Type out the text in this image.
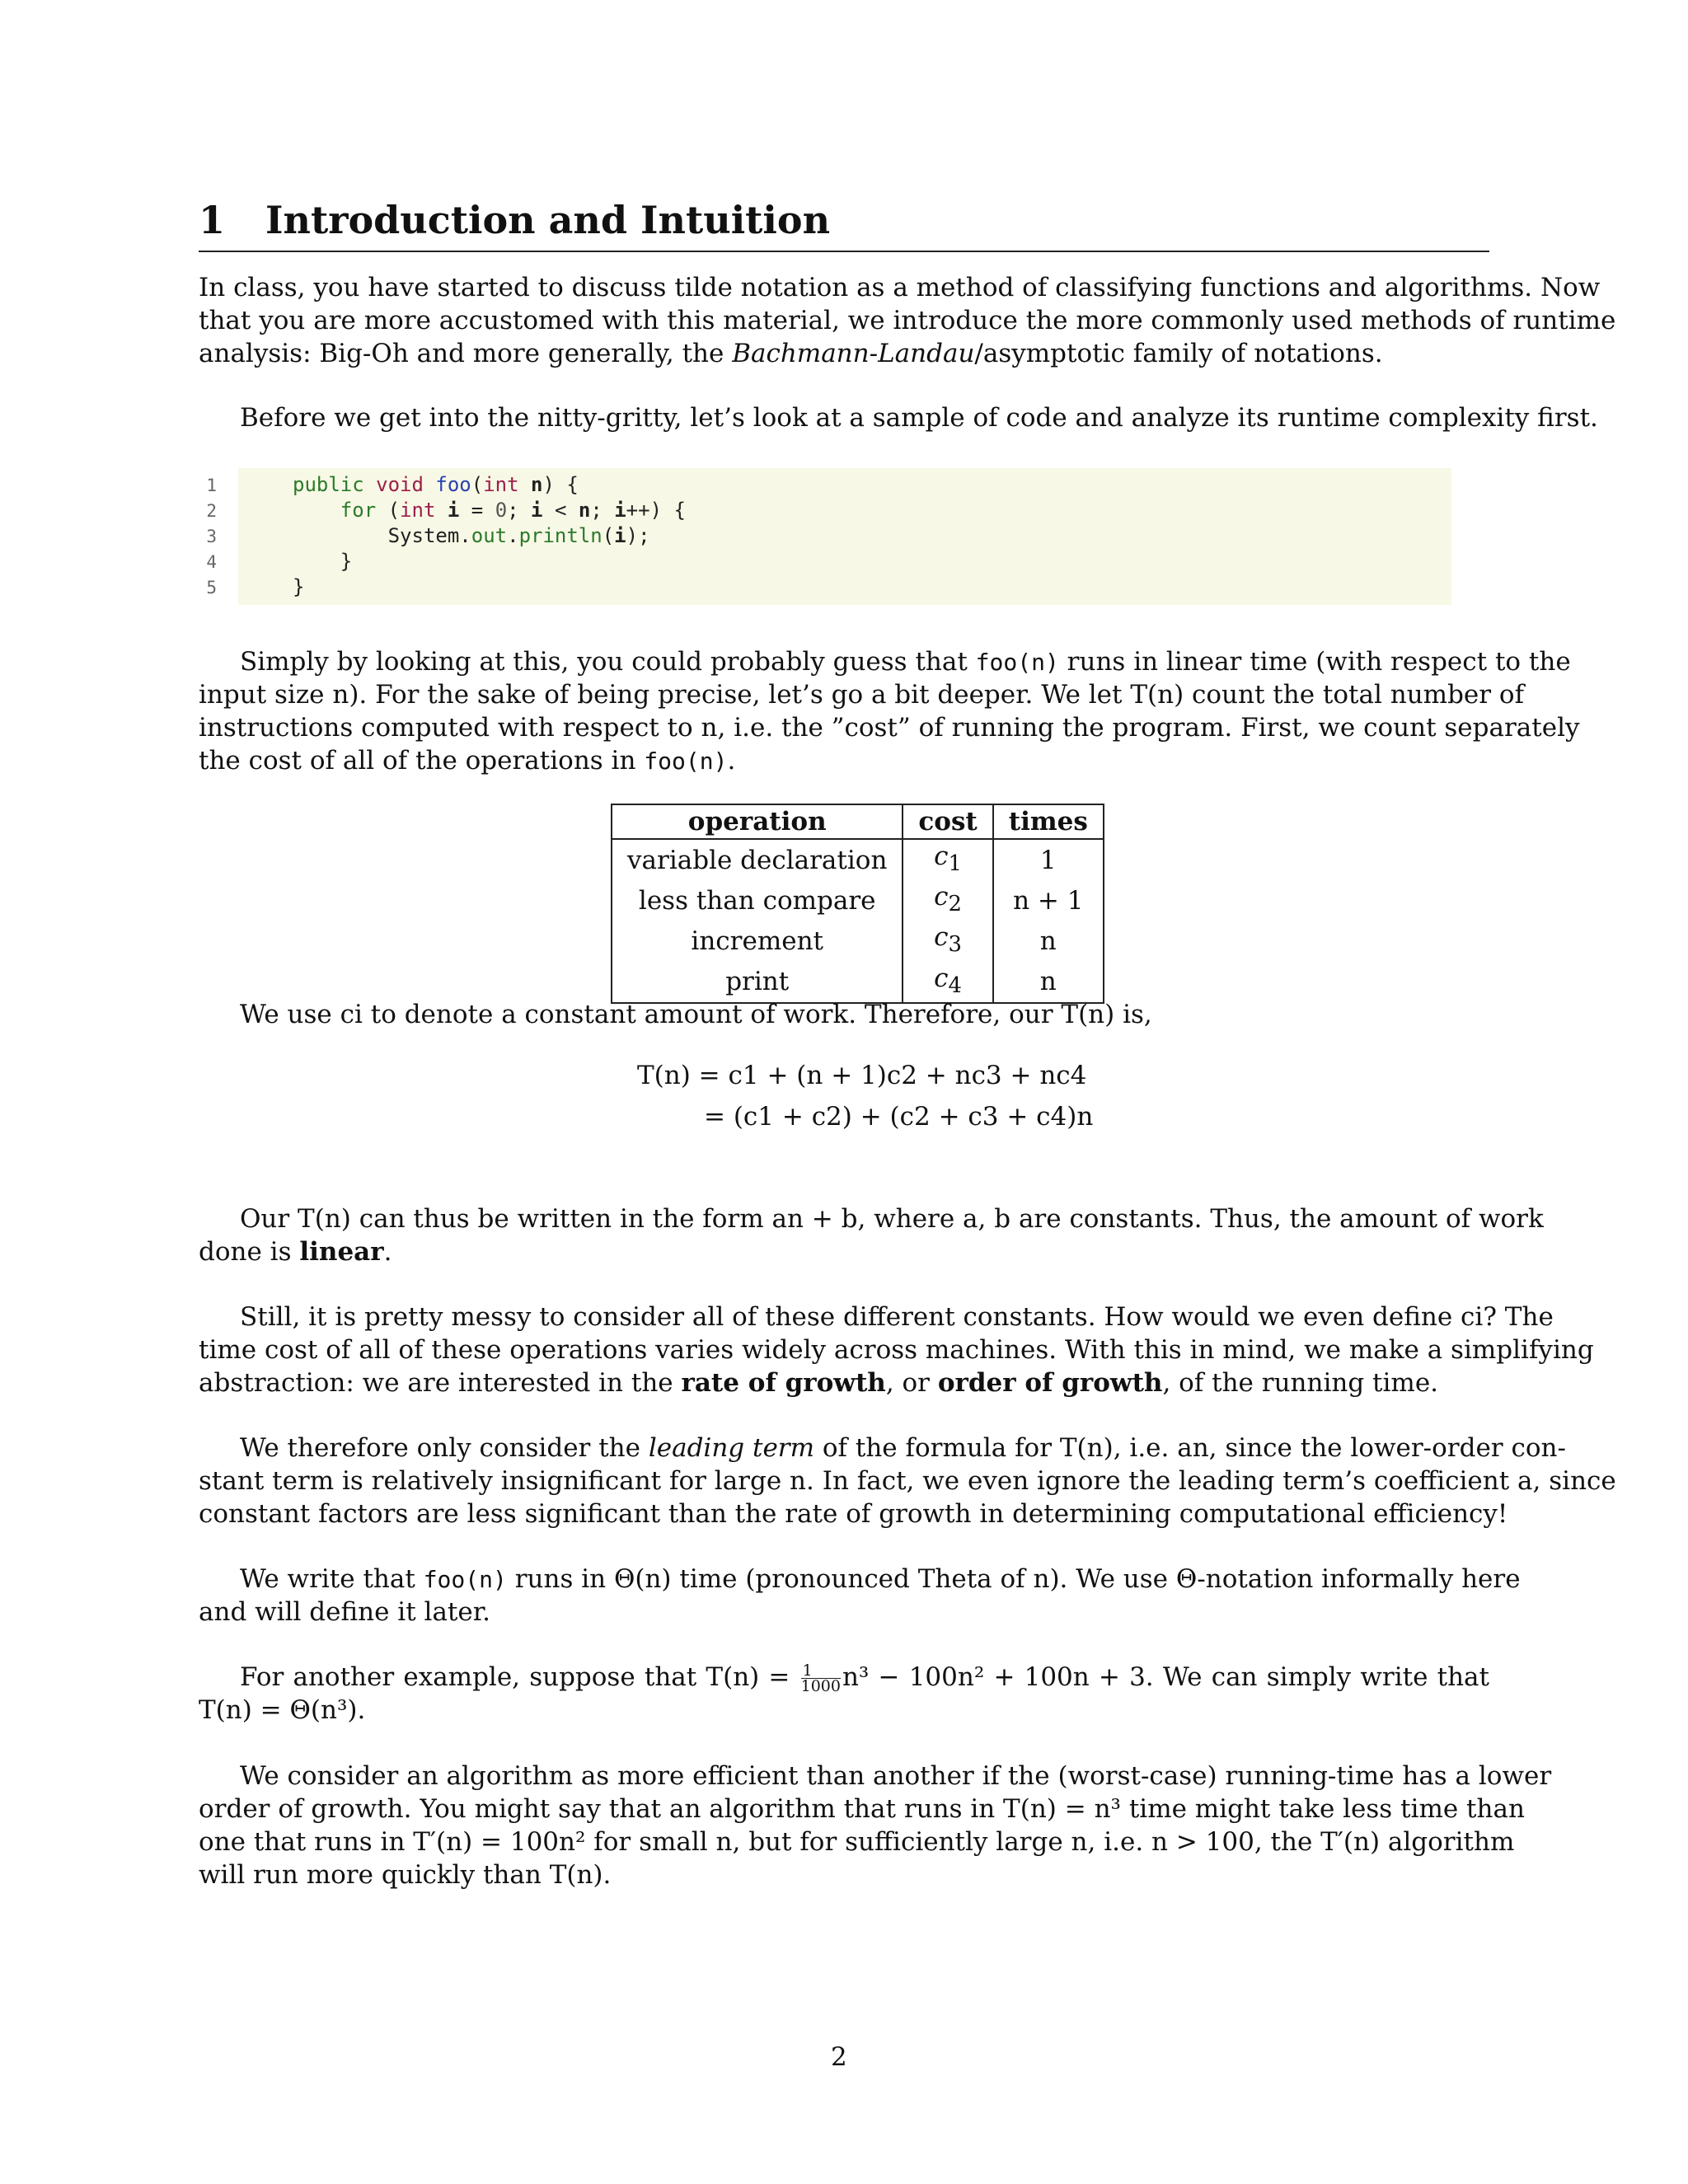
1 Introduction and Intuition
In class, you have started to discuss tilde notation as a method of classifying functions and algorithms. Now
that you are more accustomed with this material, we introduce the more commonly used methods of runtime
analysis: Big-Oh and more generally, the Bachmann-Landau/asymptotic family of notations.
Before we get into the nitty-gritty, let’s look at a sample of code and analyze its runtime complexity first.
1
2
3
4
5
public void foo(int n) {
for (int i = 0; i < n; i++) {
System.out.println(i);
}
}
Simply by looking at this, you could probably guess that foo(n) runs in linear time (with respect to the
input size n). For the sake of being precise, let’s go a bit deeper. We let T(n) count the total number of
instructions computed with respect to n, i.e. the ”cost” of running the program. First, we count separately
the cost of all of the operations in foo(n).
operation	cost	times
variable declaration	$c_1$	1
less than compare	$c_2$	n + 1
increment	$c_3$	n
print	$c_4$	n
We use ci to denote a constant amount of work. Therefore, our T(n) is,
T(n) = c1 + (n + 1)c2 + nc3 + nc4
= (c1 + c2) + (c2 + c3 + c4)n
Our T(n) can thus be written in the form an + b, where a, b are constants. Thus, the amount of work
done is linear.
Still, it is pretty messy to consider all of these different constants. How would we even define ci? The
time cost of all of these operations varies widely across machines. With this in mind, we make a simplifying
abstraction: we are interested in the rate of growth, or order of growth, of the running time.
We therefore only consider the leading term of the formula for T(n), i.e. an, since the lower-order con-
stant term is relatively insignificant for large n. In fact, we even ignore the leading term’s coefficient a, since
constant factors are less significant than the rate of growth in determining computational efficiency!
We write that foo(n) runs in Θ(n) time (pronounced Theta of n). We use Θ-notation informally here
and will define it later.
For another example, suppose that $T(n) = \frac{1}{1000} n^3 - 100n^2 + 100n + 3$. We can simply write that
T(n) = Θ(n³).
We consider an algorithm as more efficient than another if the (worst-case) running-time has a lower
order of growth. You might say that an algorithm that runs in T(n) = n³ time might take less time than
one that runs in T′(n) = 100n² for small n, but for sufficiently large n, i.e. n > 100, the T′(n) algorithm
will run more quickly than T(n).
2
